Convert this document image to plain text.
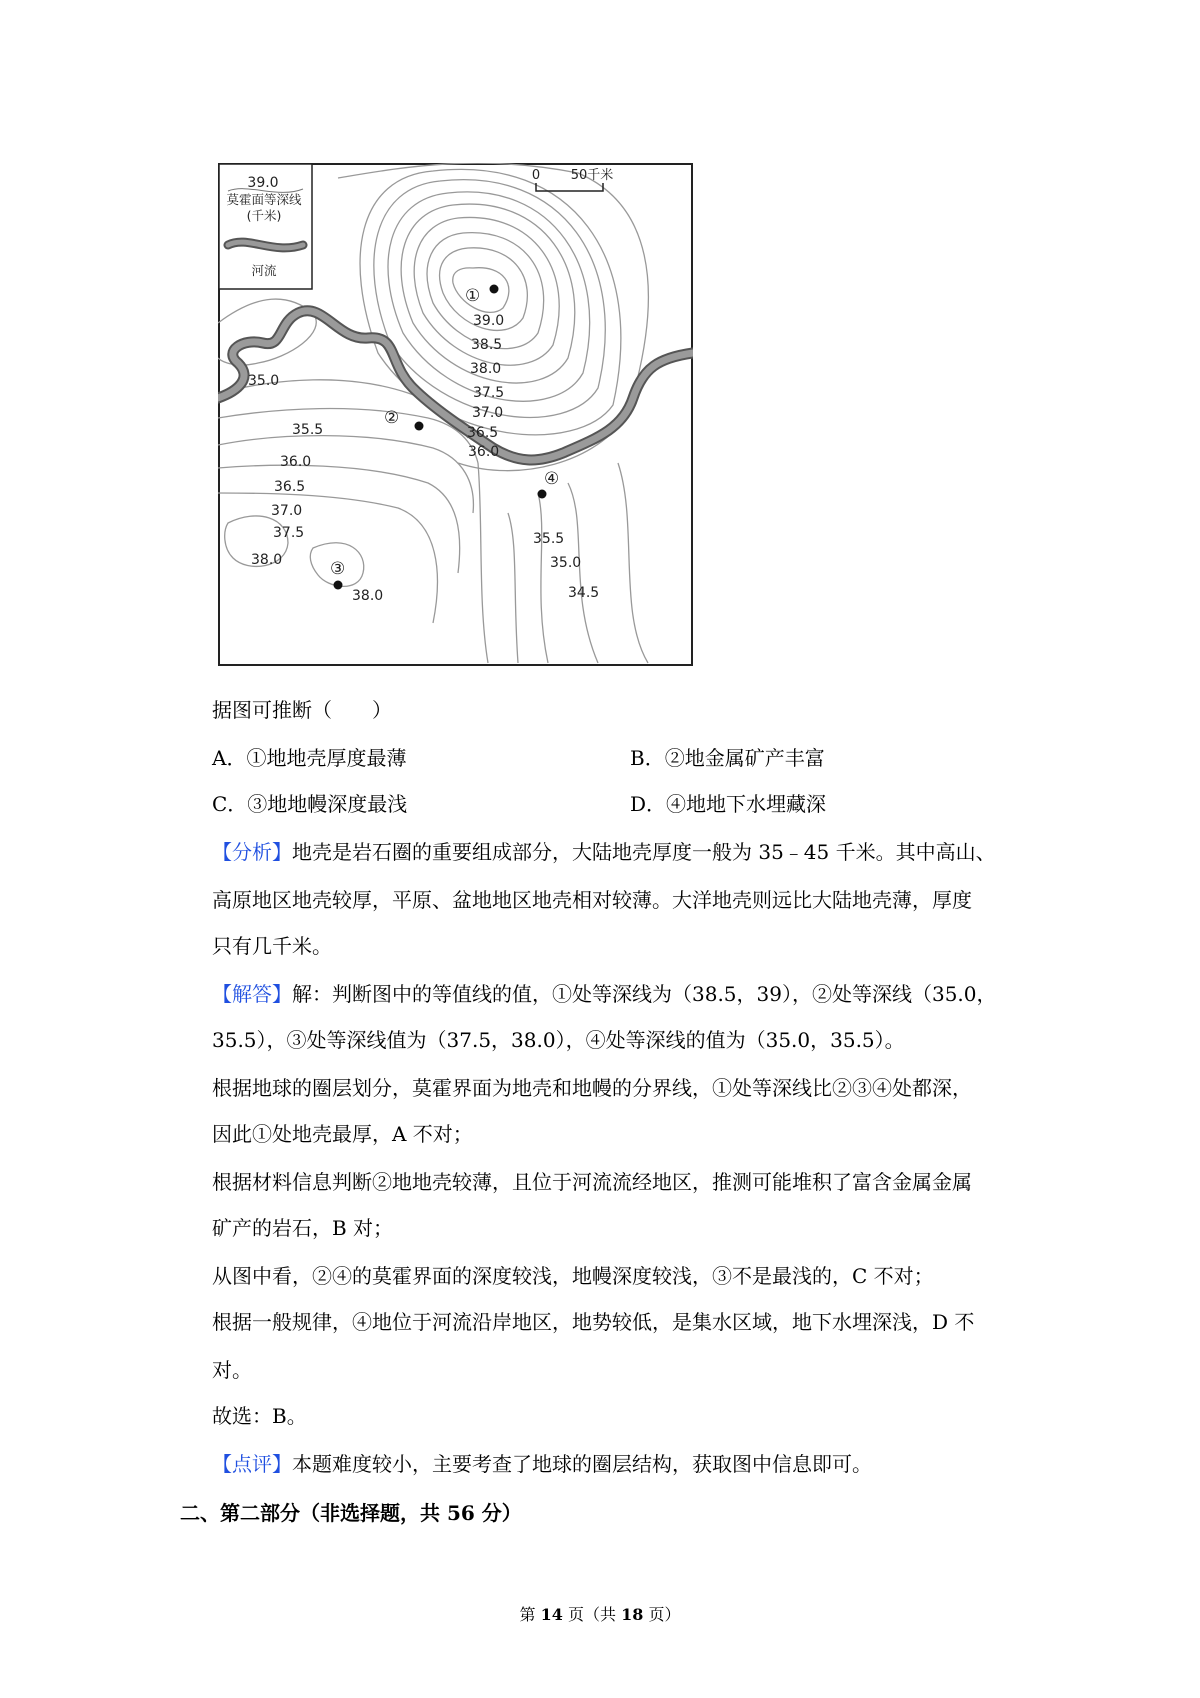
39.0
莫霍面等深线
(千米)
河流
0 50千米
39.0
38.5
38.0
37.5
37.0
36.5
36.0
35.0
35.5
36.0
36.5
37.0
37.5
38.0
38.0
35.5
35.0
34.5
①
②
③
④

据图可推断（　　）

A．①地地壳厚度最薄	B．②地金属矿产丰富
C．③地地幔深度最浅	D．④地地下水埋藏深

【分析】地壳是岩石圈的重要组成部分，大陆地壳厚度一般为 35﹣45 千米。其中高山、

高原地区地壳较厚，平原、盆地地区地壳相对较薄。大洋地壳则远比大陆地壳薄，厚度

只有几千米。

【解答】解：判断图中的等值线的值，①处等深线为（38.5，39），②处等深线（35.0，

35.5），③处等深线值为（37.5，38.0），④处等深线的值为（35.0，35.5）。

根据地球的圈层划分，莫霍界面为地壳和地幔的分界线，①处等深线比②③④处都深，

因此①处地壳最厚，A 不对；

根据材料信息判断②地地壳较薄，且位于河流流经地区，推测可能堆积了富含金属金属

矿产的岩石，B 对；

从图中看，②④的莫霍界面的深度较浅，地幔深度较浅，③不是最浅的，C 不对；

根据一般规律，④地位于河流沿岸地区，地势较低，是集水区域，地下水埋深浅，D 不

对。

故选：B。

【点评】本题难度较小，主要考查了地球的圈层结构，获取图中信息即可。

二、第二部分（非选择题，共 56 分）
第 14 页（共 18 页）
